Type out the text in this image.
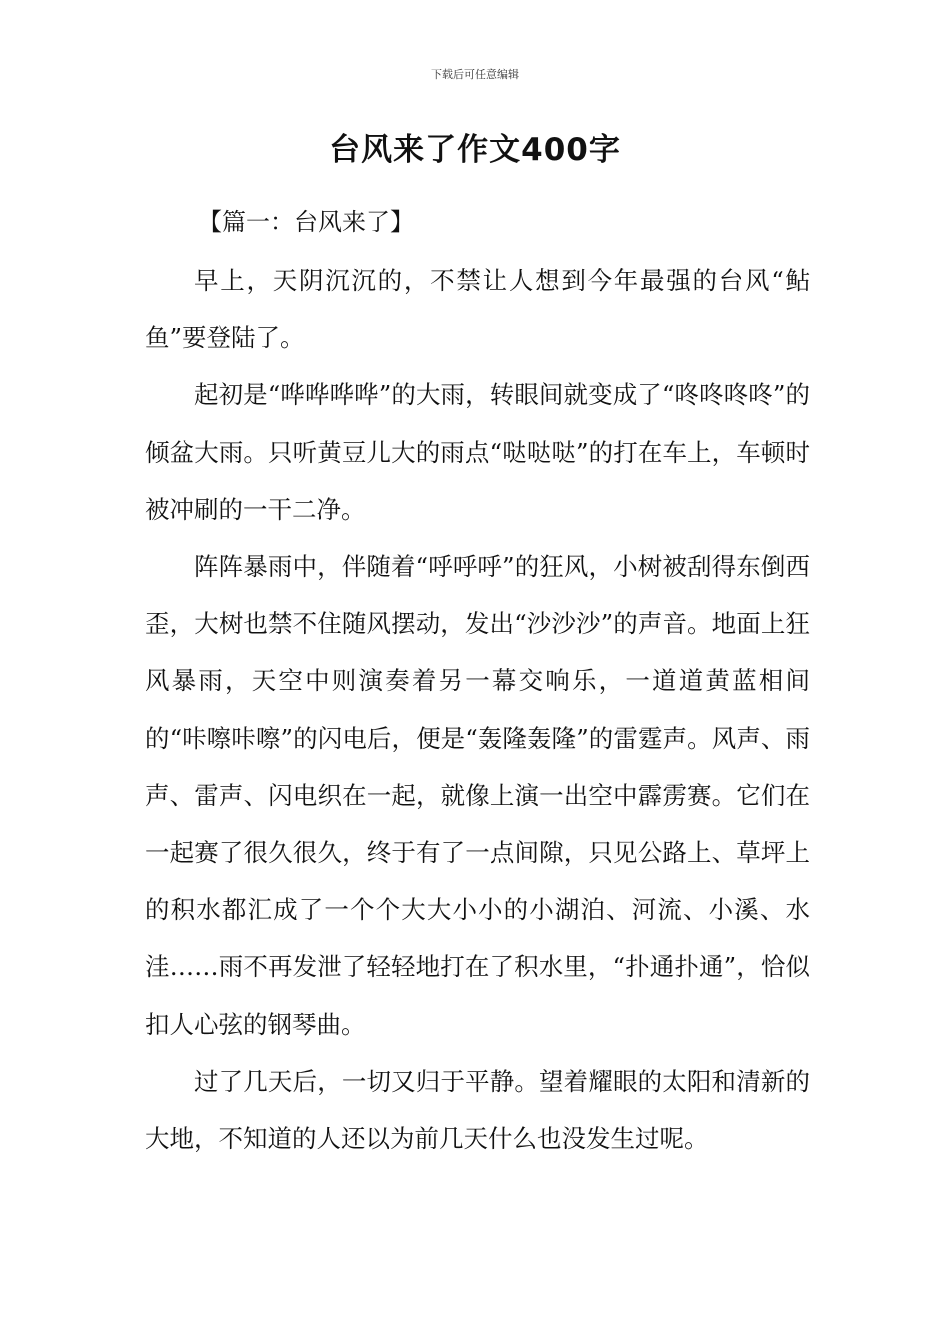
下载后可任意编辑
台风来了作文400字

【篇一：台风来了】

早上，天阴沉沉的，不禁让人想到今年最强的台风“鲇鱼”要登陆了。

起初是“哗哗哗哗”的大雨，转眼间就变成了“咚咚咚咚”的倾盆大雨。只听黄豆儿大的雨点“哒哒哒”的打在车上，车顿时被冲刷的一干二净。

阵阵暴雨中，伴随着“呼呼呼”的狂风，小树被刮得东倒西歪，大树也禁不住随风摆动，发出“沙沙沙”的声音。地面上狂风暴雨，天空中则演奏着另一幕交响乐，一道道黄蓝相间的“咔嚓咔嚓”的闪电后，便是“轰隆轰隆”的雷霆声。风声、雨声、雷声、闪电织在一起，就像上演一出空中霹雳赛。它们在一起赛了很久很久，终于有了一点间隙，只见公路上、草坪上的积水都汇成了一个个大大小小的小湖泊、河流、小溪、水洼……雨不再发泄了轻轻地打在了积水里，“扑通扑通”，恰似扣人心弦的钢琴曲。

过了几天后，一切又归于平静。望着耀眼的太阳和清新的大地，不知道的人还以为前几天什么也没发生过呢。
